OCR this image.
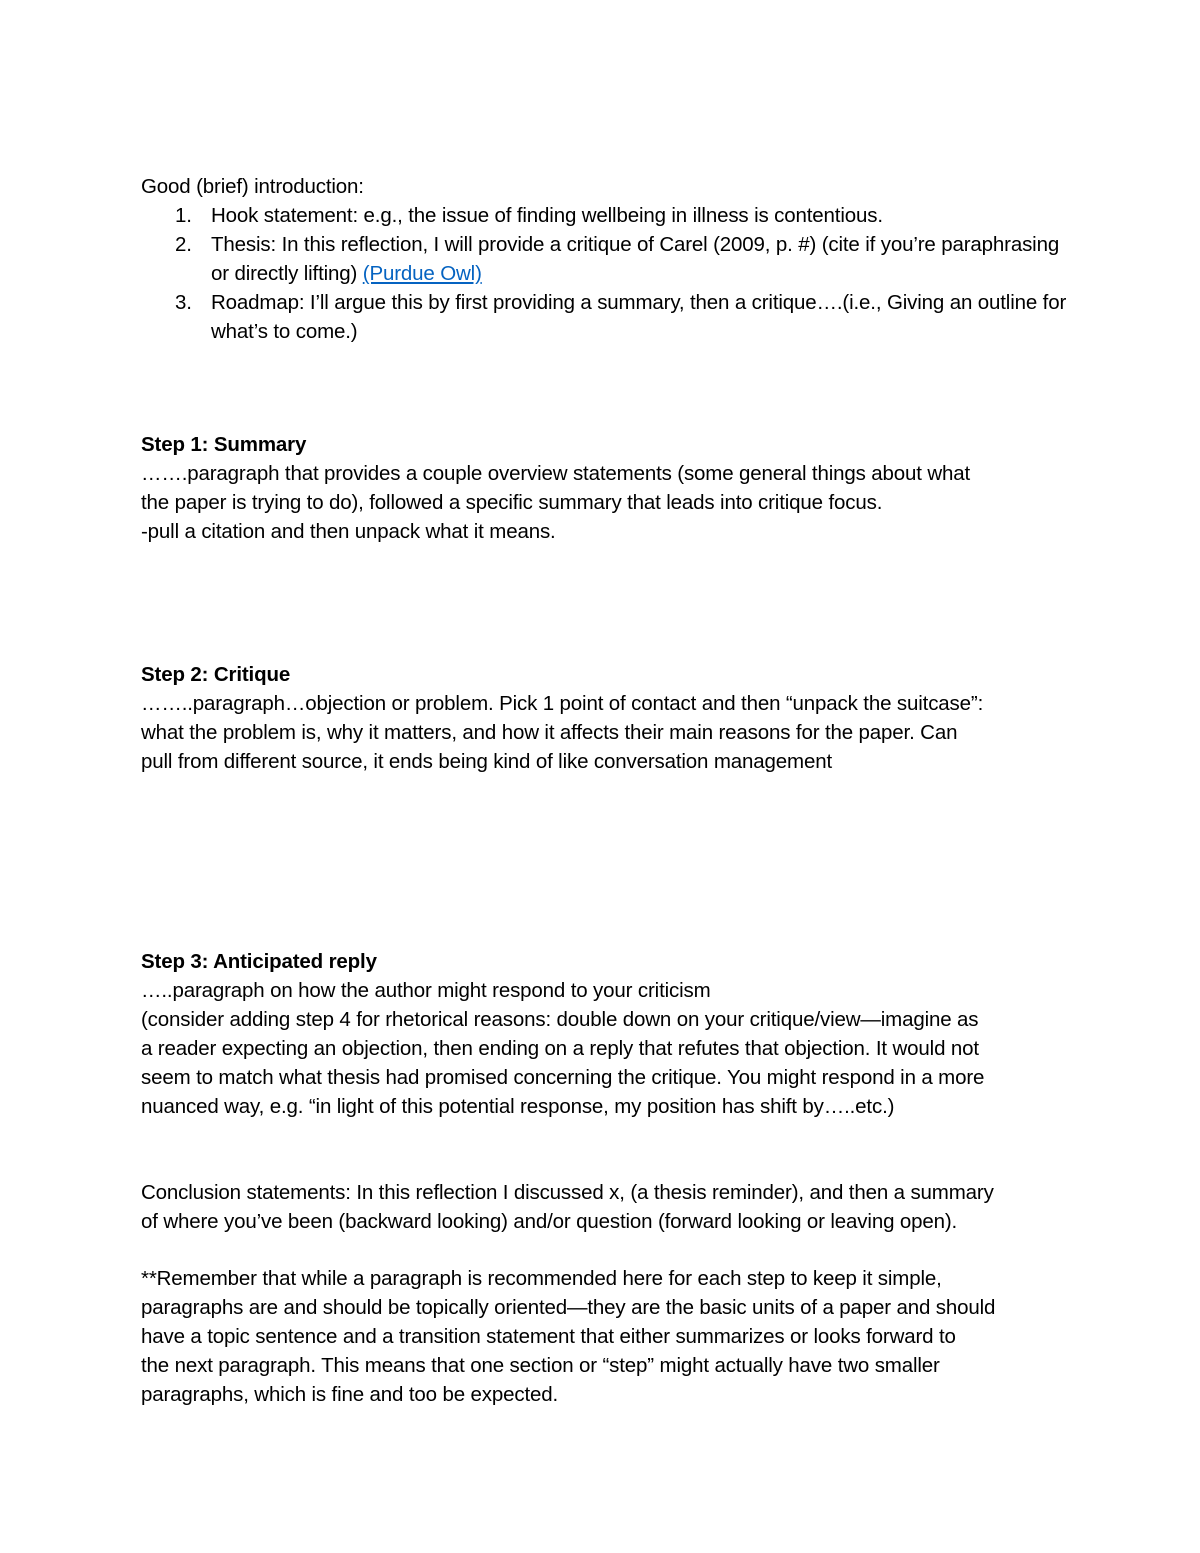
Good (brief) introduction:
1. Hook statement: e.g., the issue of finding wellbeing in illness is contentious.
2. Thesis: In this reflection, I will provide a critique of Carel (2009, p. #) (cite if you’re paraphrasing or directly lifting) (Purdue Owl)
3. Roadmap: I’ll argue this by first providing a summary, then a critique….(i.e., Giving an outline for what’s to come.)
Step 1: Summary
…….paragraph that provides a couple overview statements (some general things about what
the paper is trying to do), followed a specific summary that leads into critique focus.
-pull a citation and then unpack what it means.
Step 2: Critique
……..paragraph…objection or problem. Pick 1 point of contact and then “unpack the suitcase”:
what the problem is, why it matters, and how it affects their main reasons for the paper. Can
pull from different source, it ends being kind of like conversation management
Step 3: Anticipated reply
…..paragraph on how the author might respond to your criticism
(consider adding step 4 for rhetorical reasons: double down on your critique/view—imagine as
a reader expecting an objection, then ending on a reply that refutes that objection. It would not
seem to match what thesis had promised concerning the critique. You might respond in a more
nuanced way, e.g. “in light of this potential response, my position has shift by…..etc.)
Conclusion statements: In this reflection I discussed x, (a thesis reminder), and then a summary
of where you’ve been (backward looking) and/or question (forward looking or leaving open).
**Remember that while a paragraph is recommended here for each step to keep it simple,
paragraphs are and should be topically oriented—they are the basic units of a paper and should
have a topic sentence and a transition statement that either summarizes or looks forward to
the next paragraph. This means that one section or “step” might actually have two smaller
paragraphs, which is fine and too be expected.
